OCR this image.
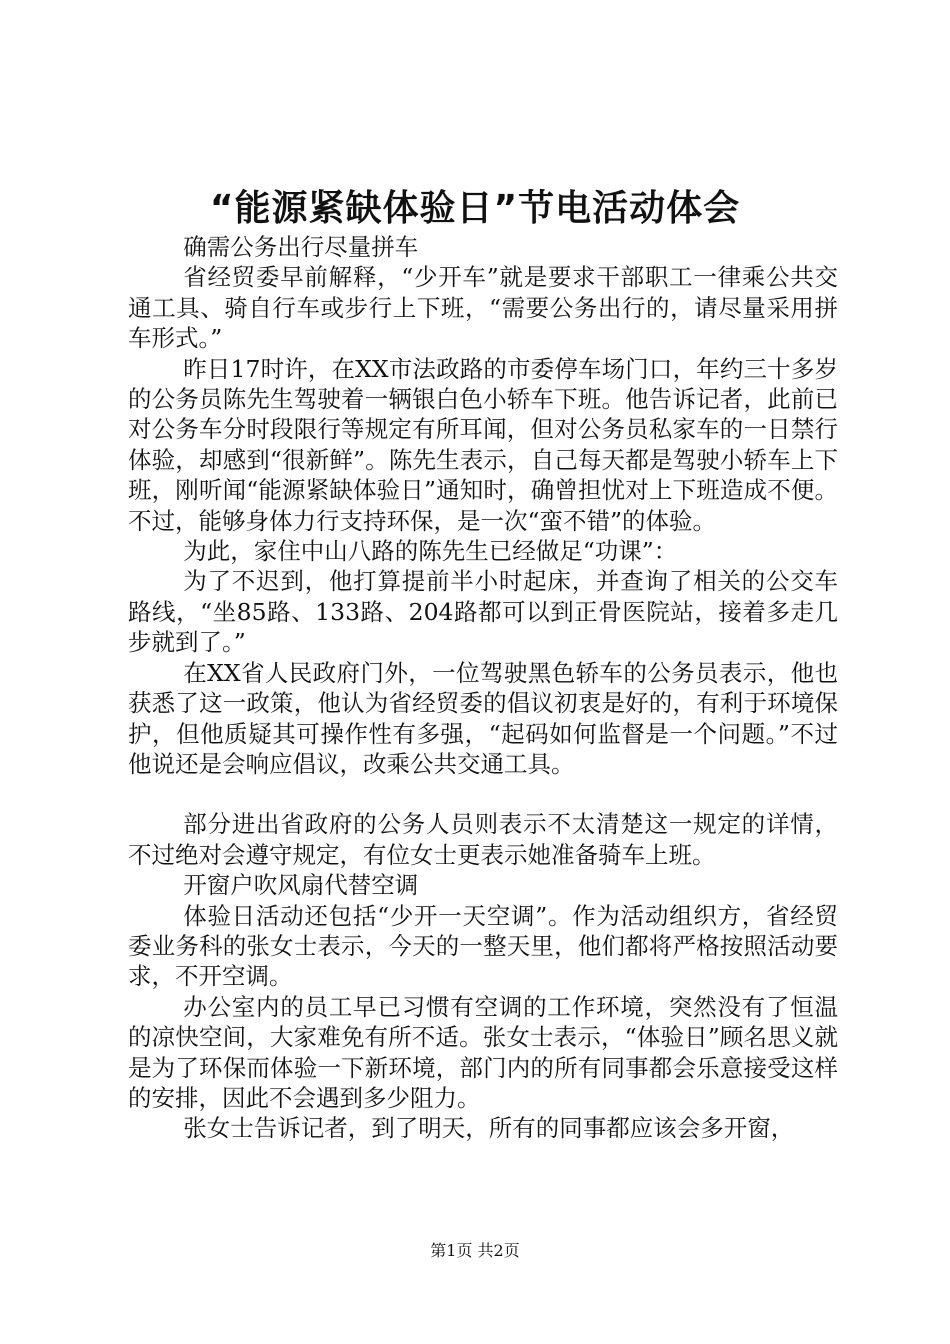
“能源紧缺体验日”节电活动体会

确需公务出行尽量拼车

省经贸委早前解释，“少开车”就是要求干部职工一律乘公共交通工具、骑自行车或步行上下班，“需要公务出行的，请尽量采用拼车形式。”

昨日17时许，在XX市法政路的市委停车场门口，年约三十多岁的公务员陈先生驾驶着一辆银白色小轿车下班。他告诉记者，此前已对公务车分时段限行等规定有所耳闻，但对公务员私家车的一日禁行体验，却感到“很新鲜”。陈先生表示，自己每天都是驾驶小轿车上下班，刚听闻“能源紧缺体验日”通知时，确曾担忧对上下班造成不便。不过，能够身体力行支持环保，是一次“蛮不错”的体验。

为此，家住中山八路的陈先生已经做足“功课”：

为了不迟到，他打算提前半小时起床，并查询了相关的公交车路线，“坐85路、133路、204路都可以到正骨医院站，接着多走几步就到了。”

在XX省人民政府门外，一位驾驶黑色轿车的公务员表示，他也获悉了这一政策，他认为省经贸委的倡议初衷是好的，有利于环境保护，但他质疑其可操作性有多强，“起码如何监督是一个问题。”不过他说还是会响应倡议，改乘公共交通工具。

部分进出省政府的公务人员则表示不太清楚这一规定的详情，不过绝对会遵守规定，有位女士更表示她准备骑车上班。

开窗户吹风扇代替空调

体验日活动还包括“少开一天空调”。作为活动组织方，省经贸委业务科的张女士表示，今天的一整天里，他们都将严格按照活动要求，不开空调。

办公室内的员工早已习惯有空调的工作环境，突然没有了恒温的凉快空间，大家难免有所不适。张女士表示，“体验日”顾名思义就是为了环保而体验一下新环境，部门内的所有同事都会乐意接受这样的安排，因此不会遇到多少阻力。

张女士告诉记者，到了明天，所有的同事都应该会多开窗，

第1页 共2页
